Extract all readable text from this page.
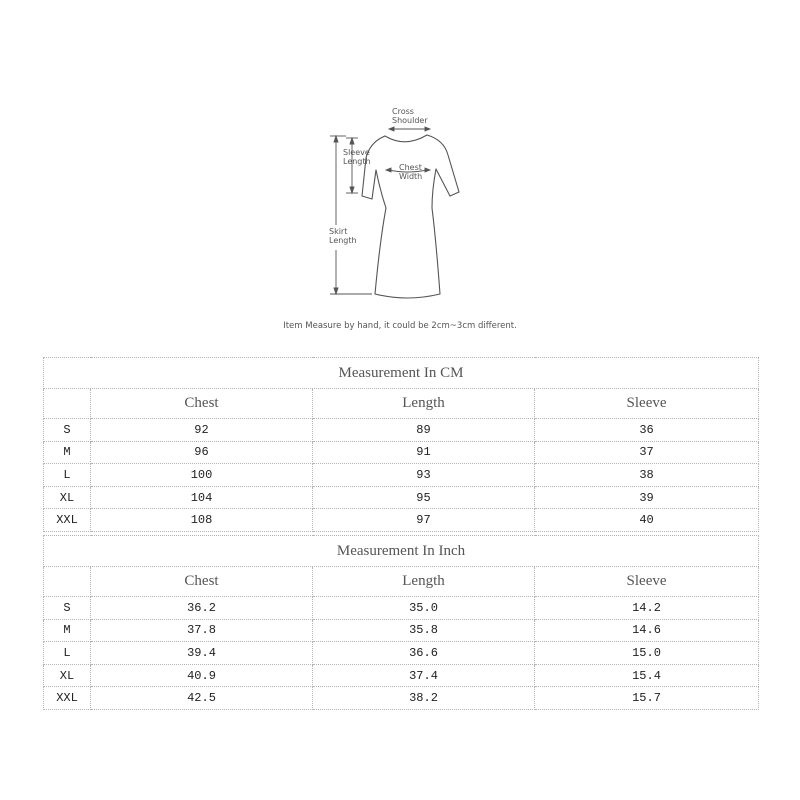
Cross
Shoulder
Chest
Width
Sleeve
Length
Skirt
Length
Item Measure by hand, it could be 2cm~3cm different.
Measurement In CM			
	Chest	Length	Sleeve
S	92	89	36
M	96	91	37
L	100	93	38
XL	104	95	39
XXL	108	97	40
Measurement In Inch			
	Chest	Length	Sleeve
S	36.2	35.0	14.2
M	37.8	35.8	14.6
L	39.4	36.6	15.0
XL	40.9	37.4	15.4
XXL	42.5	38.2	15.7
